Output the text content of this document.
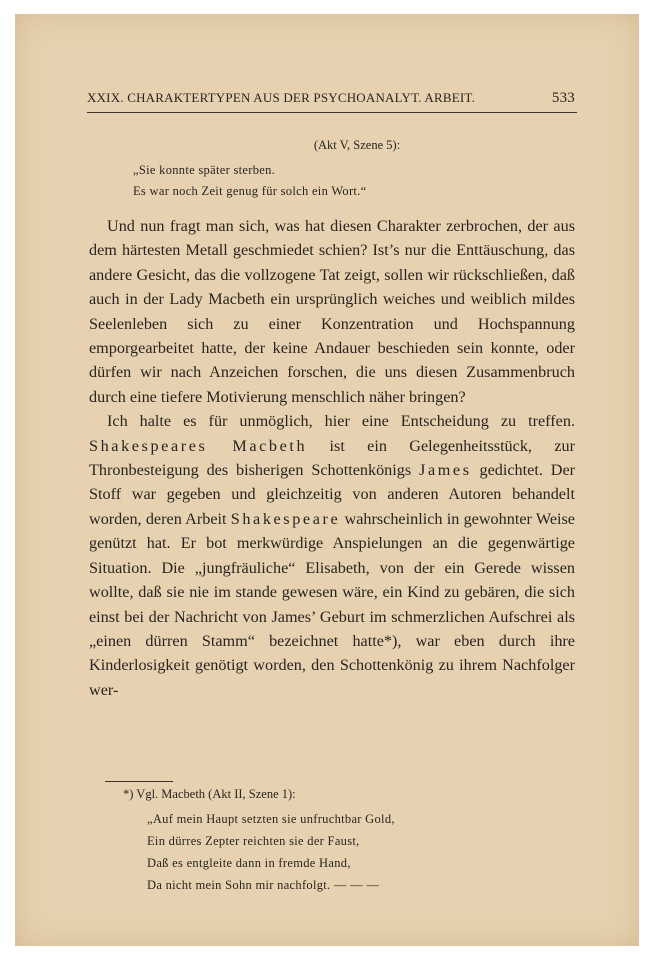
XXIX. CHARAKTERTYPEN AUS DER PSYCHOANALYT. ARBEIT.	533
(Akt V, Szene 5):
„Sie konnte später sterben.
Es war noch Zeit genug für solch ein Wort.“

Und nun fragt man sich, was hat diesen Charakter zerbrochen, der aus dem härtesten Metall geschmiedet schien? Ist’s nur die Enttäuschung, das andere Gesicht, das die vollzogene Tat zeigt, sollen wir rückschließen, daß auch in der Lady Macbeth ein ursprünglich weiches und weiblich mildes Seelenleben sich zu einer Konzentration und Hochspannung emporgearbeitet hatte, der keine Andauer beschieden sein konnte, oder dürfen wir nach Anzeichen forschen, die uns diesen Zusammenbruch durch eine tiefere Motivierung menschlich näher bringen?

Ich halte es für unmöglich, hier eine Entscheidung zu treffen. Shakespeares Macbeth ist ein Gelegenheitsstück, zur Thronbesteigung des bisherigen Schottenkönigs James gedichtet. Der Stoff war gegeben und gleichzeitig von anderen Autoren behandelt worden, deren Arbeit Shakespeare wahrscheinlich in gewohnter Weise genützt hat. Er bot merkwürdige Anspielungen an die gegenwärtige Situation. Die „jungfräuliche“ Elisabeth, von der ein Gerede wissen wollte, daß sie nie im stande gewesen wäre, ein Kind zu gebären, die sich einst bei der Nachricht von James’ Geburt im schmerzlichen Aufschrei als „einen dürren Stamm“ bezeichnet hatte*), war eben durch ihre Kinderlosigkeit genötigt worden, den Schottenkönig zu ihrem Nachfolger wer-

*) Vgl. Macbeth (Akt II, Szene 1):
„Auf mein Haupt setzten sie unfruchtbar Gold,
Ein dürres Zepter reichten sie der Faust,
Daß es entgleite dann in fremde Hand,
Da nicht mein Sohn mir nachfolgt. — — —
